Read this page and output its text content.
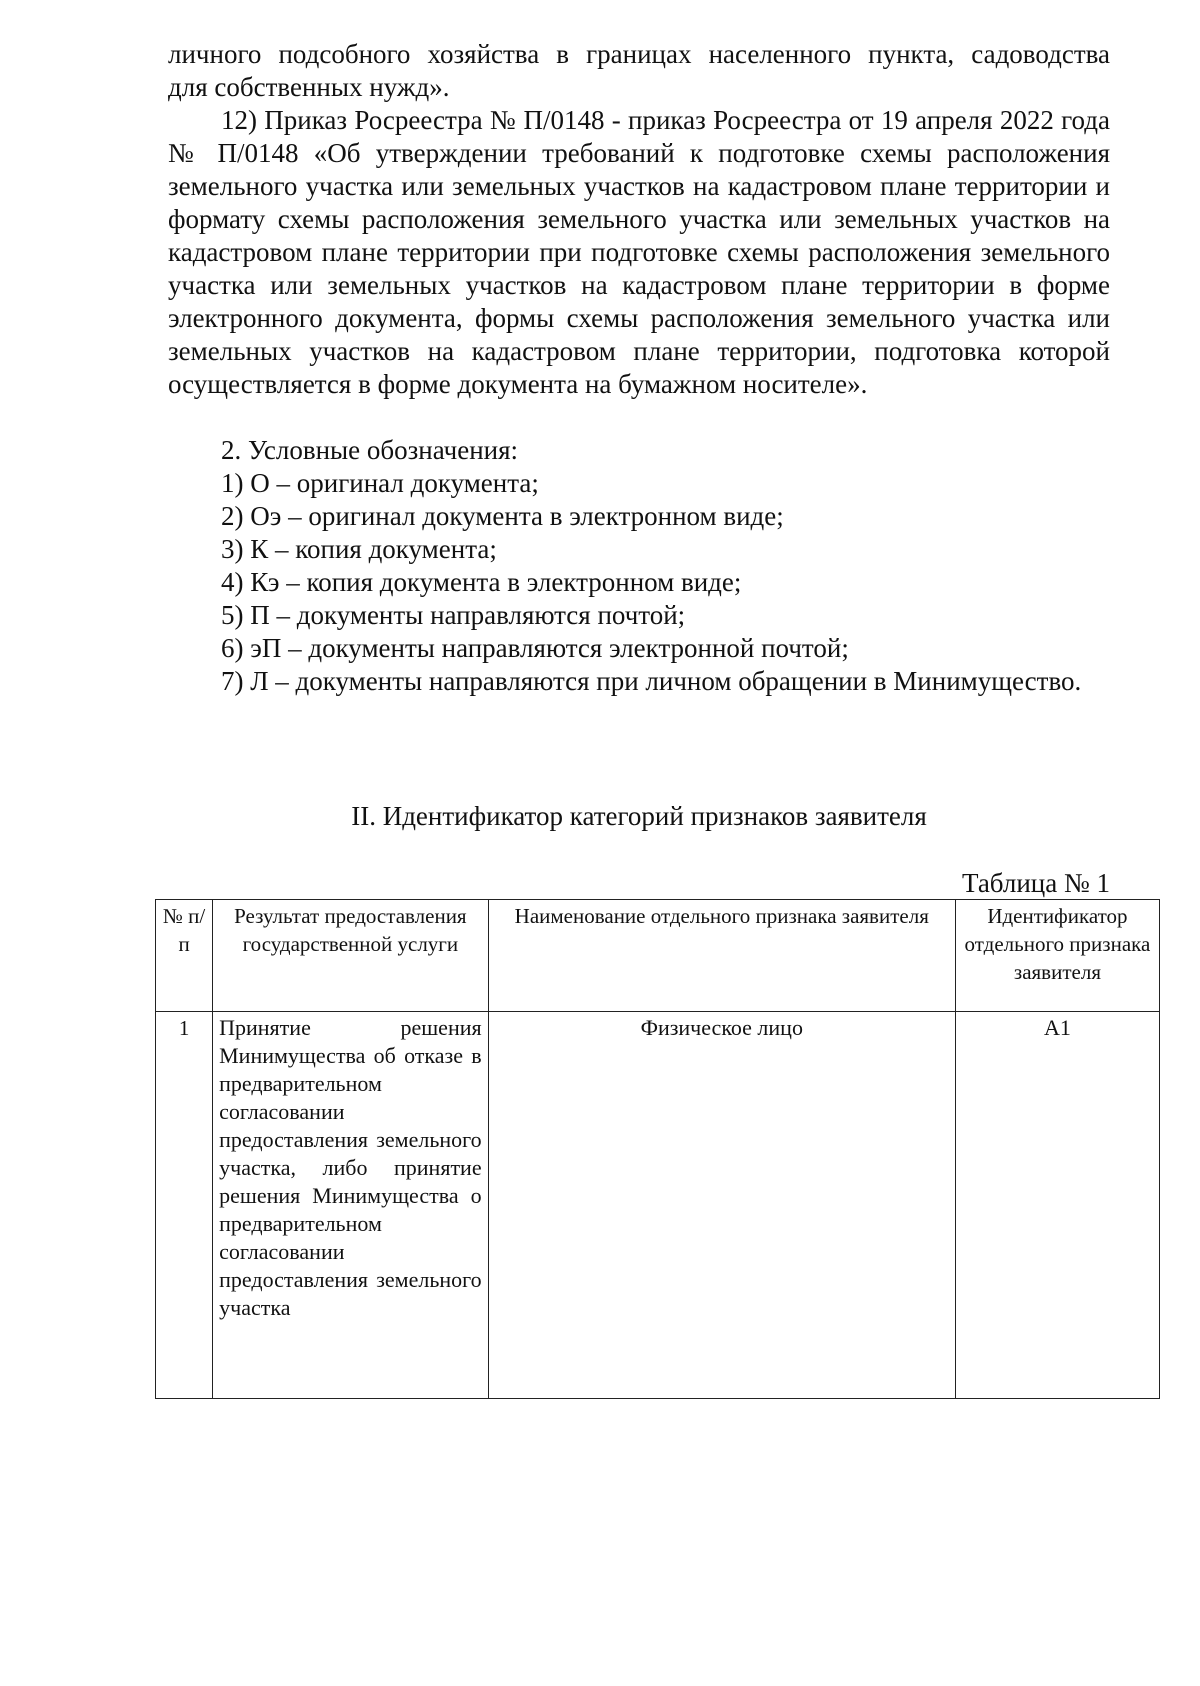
личного подсобного хозяйства в границах населенного пункта, садоводства

для собственных нужд».

12) Приказ Росреестра № П/0148 - приказ Росреестра от 19 апреля 2022 года № П/0148 «Об утверждении требований к подготовке схемы расположения земельного участка или земельных участков на кадастровом плане территории и формату схемы расположения земельного участка или земельных участков на кадастровом плане территории при подготовке схемы расположения земельного участка или земельных участков на кадастровом плане территории в форме электронного документа, формы схемы расположения земельного участка или земельных участков на кадастровом плане территории, подготовка которой осуществляется в форме документа на бумажном носителе».

2. Условные обозначения:

1) О – оригинал документа;

2) Оэ – оригинал документа в электронном виде;

3) К – копия документа;

4) Кэ – копия документа в электронном виде;

5) П – документы направляются почтой;

6) эП – документы направляются электронной почтой;

7) Л – документы направляются при личном обращении в Минимущество.

II. Идентификатор категорий признаков заявителя

Таблица № 1
№ п/п	Результат предоставления государственной услуги	Наименование отдельного признака заявителя	Идентификатор отдельного признака заявителя
1	Принятие решения Минимущества об отказе в предварительном согласовании предоставления земельного участка, либо принятие решения Минимущества о предварительном согласовании предоставления земельного участка	Физическое лицо	А1
